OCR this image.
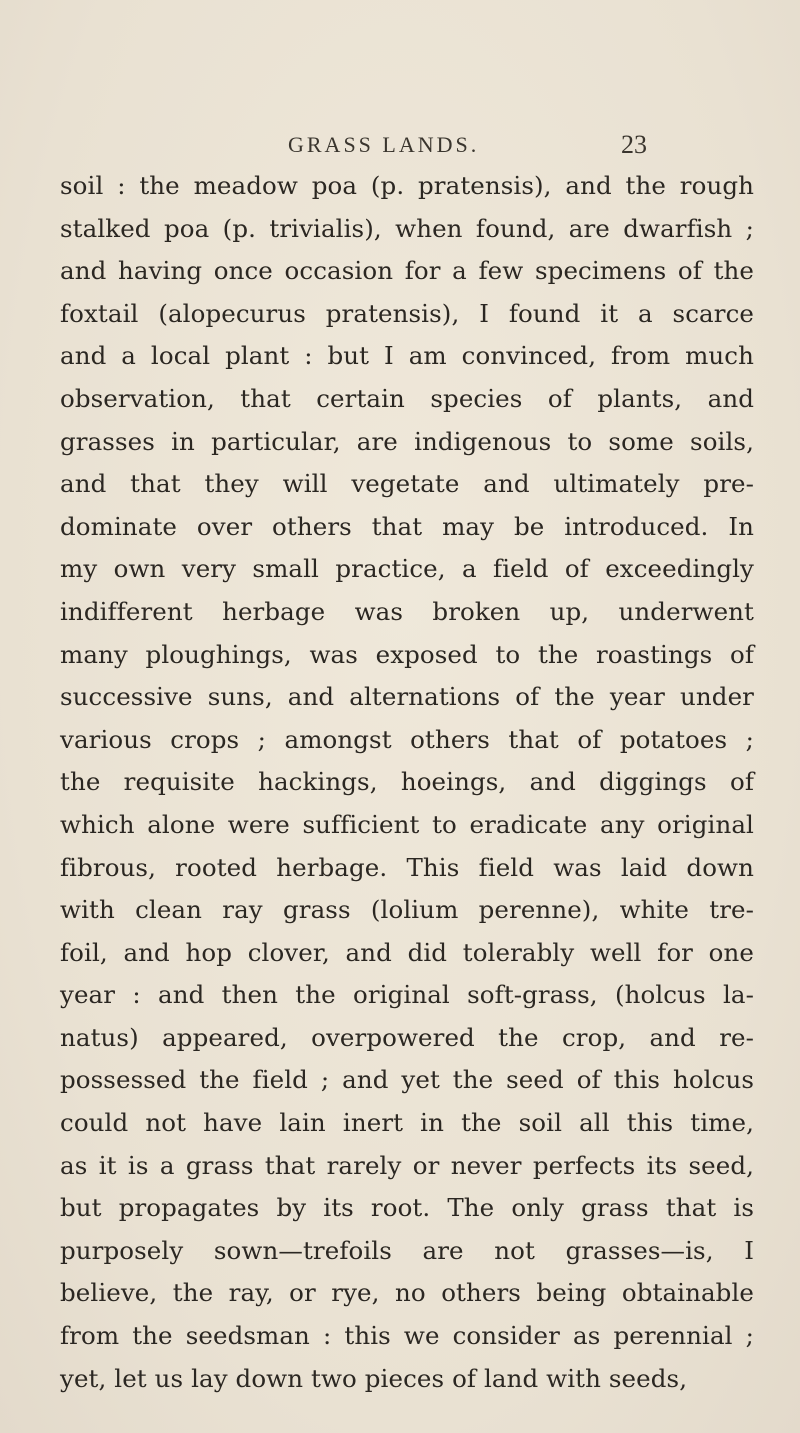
GRASS LANDS.	23
soil : the meadow poa (p. pratensis), and the rough
stalked poa (p. trivialis), when found, are dwarfish ;
and having once occasion for a few specimens of the
foxtail (alopecurus pratensis), I found it a scarce
and a local plant : but I am convinced, from much
observation, that certain species of plants, and
grasses in particular, are indigenous to some soils,
and that they will vegetate and ultimately pre-
dominate over others that may be introduced. In
my own very small practice, a field of exceedingly
indifferent herbage was broken up, underwent
many ploughings, was exposed to the roastings of
successive suns, and alternations of the year under
various crops ; amongst others that of potatoes ;
the requisite hackings, hoeings, and diggings of
which alone were sufficient to eradicate any original
fibrous, rooted herbage. This field was laid down
with clean ray grass (lolium perenne), white tre-
foil, and hop clover, and did tolerably well for one
year : and then the original soft-grass, (holcus la-
natus) appeared, overpowered the crop, and re-
possessed the field ; and yet the seed of this holcus
could not have lain inert in the soil all this time,
as it is a grass that rarely or never perfects its seed,
but propagates by its root. The only grass that is
purposely sown—trefoils are not grasses—is, I
believe, the ray, or rye, no others being obtainable
from the seedsman : this we consider as perennial ;
yet, let us lay down two pieces of land with seeds,
